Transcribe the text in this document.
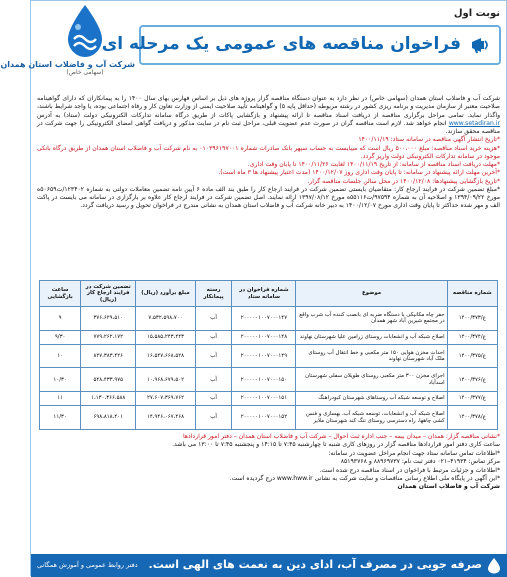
نوبت اول
فراخوان مناقصه های عمومی یک مرحله ای
شرکت آب و فاضلاب استان همدان
(سهامی خاص)

شرکت آب و فاضلاب استان همدان (سهامی خاص) در نظر دارد به عنوان دستگاه مناقصه گزار پروژه های ذیل بر اساس فهارس بهای سال ۱۴۰۰ را به پیمانکاران که دارای گواهینامه صلاحیت معتبر از سازمان مدیریت و برنامه ریزی کشور در رشته مربوطه (حداقل پایه ۵) و گواهینامه تأیید صلاحیت ایمنی از وزارت تعاون کار و رفاه اجتماعی بوده، یا واجد شرایط باشند، واگذار نماید. تمامی مراحل برگزاری مناقصه از دریافت اسناد مناقصه تا ارائه پیشنهاد و بازگشایی پاکات از طریق درگاه سامانه تدارکات الکترونیکی دولت (ستاد) به آدرس www.setadiran.ir انجام خواهد شد. لازم است مناقصه گران در صورت عدم عضویت قبلی، مراحل ثبت نام در سایت مذکور و دریافت گواهی امضای الکترونیکی را جهت شرکت در مناقصه محقق سازند.

*تاریخ انتشار آگهی مناقصه در سامانه ستاد: ۱۴۰۰/۱۱/۱۹

*هزینه خرید اسناد مناقصه: مبلغ ۵۰۰،۰۰۰ ریال است که میبایست به حساب سپهر بانک صادرات شماره ۰۱۰۳۹۶۱۹۷۰۰۱ به نام شرکت آب و فاضلاب استان همدان از طریق درگاه بانکی موجود در سامانه تدارکات الکترونیکی دولت واریز گردد.

*مهلت دریافت اسناد مناقصه از سامانه: از تاریخ ۱۴۰۰/۱۱/۱۹ لغایت ۱۴۰۰/۱۱/۲۶ تا پایان وقت اداری.

*آخرین مهلت ارائه پیشنهاد در سامانه: تا پایان وقت اداری روز ۱۴۰۰/۱۲/۰۷ (مدت اعتبار پیشنهاد ها ۳ ماه است).

*تاریخ بازگشایی پیشنهادها: ۱۴۰۰/۱۲/۰۸ در محل سالن جلسات مناقصه گزار.

*مبلغ تضمین شرکت در فرایند ارجاع کار: متقاضیان بایستی تضمین شرکت در فرایند ارجاع کار را طبق بند الف ماده ۶ آیین نامه تضمین معاملات دولتی به شماره ۱۲۳۴۰۲/ت۵۰۶۵۹ه مورخ ۱۳۹۴/۰۹/۲۲ و اصلاحیه آن به شماره ۹۷۵۹۴/ت۵۵۱۱۶ه مورخ ۱۳۹۷/۰۸/۱۲ ارائه نمایند. اصل تضمین شرکت در فرایند ارجاع کار علاوه بر بارگزاری در سامانه می بایست در پاکت الف و مهر شده حداکثر تا پایان وقت اداری مورخ ۱۴۰۰/۱۲/۰۷ به دبیر خانه شرکت آب و فاضلاب استان همدان به نشانی مندرج در فراخوان تحویل و رسید دریافت گردد.

شماره مناقصه	موضوع	شماره فراخوان در سامانه ستاد	رسته پیمانکار	مبلغ برآورد (ریال)	تضمین شرکت در فرایند ارجاع کار (ریال)	ساعت بازگشایی
ع/۱۴۰۰/۳۷۳	حفر چاه مکانیکی با دستگاه ضربه ای بانصب کننده آب شرب واقع در مجتمع شیرین آباد شهر همدان	۲۰۰۰۰۰۱۰۰۷۰۰۰۱۴۷	آب	۷،۵۳۲،۵۹۸،۷۰۰	۳۷۶،۶۲۹،۵۱۰	۹
ع/۱۴۰۰/۳۷۴	اصلاح شبکه آب و انشعابات روستای زرامین علیا شهرستان نهاوند	۲۰۰۰۰۰۱۰۰۷۰۰۰۱۴۸	آب	۱۵،۵۸۵،۲۴۳،۴۴۳	۷۷۹،۲۶۲،۱۷۲	۹/۳۰
ع/۱۴۰۰/۳۷۵	احداث مخزن هوایی ۱۵۰ متر مکعبی و خط انتقال آب روستای ملک آباد شهرستان نهاوند	۲۰۰۰۰۰۱۰۰۷۰۰۰۱۴۹	آب	۱۶،۵۴۷،۶۶۸،۵۲۸	۸۲۷،۳۸۳،۴۲۶	۱۰
ع/۱۴۰۰/۳۷۶	اجرای مخزن ۳۰۰ متر مکعبی روستای طویلان سفلی شهرستان اسدآباد	۲۰۰۰۰۰۱۰۰۷۰۰۰۱۵۰	آب	۱۰،۹۶۸،۶۷۹،۵۰۲	۵۴۸،۴۳۳،۹۷۵	۱۰/۳۰
ع/۱۴۰۰/۳۷۷	اصلاح و توسعه شبکه آب روستاهای شهرستان کبودراهنگ	۲۰۰۰۰۰۱۰۰۷۰۰۰۱۵۱	آب	۲۷،۶۰۷،۳۶۹،۷۶۲	۱،۱۳۰،۳۶۶،۵۸۸	۱۱
ع/۱۴۰۰/۳۷۸	اصلاح شبکه آب و انشعابات، توسعه شبکه آب، بهسازی و فنس کشی چاهها، راه دسترسی روستای تنگ کند شهرستان ملایر	۲۰۰۰۰۰۱۰۰۷۰۰۰۱۵۲	آب	۱۴،۹۴۶،۰۶۷،۴۶۸	۶۹۸،۸۱۸،۴۰۱	۱۱/۳۰

*نشانی مناقصه گزار: همدان – میدان بیمه – جنب اداره ثبت احوال – شرکت آب و فاضلاب استان همدان – دفتر امور قراردادها

ساعت کاری دفتر امور قراردادها مناقصه گزار در روزهای کاری شنبه تا چهارشنبه ۷:۴۵ تا ۱۴:۱۵ و پنجشنبه ۷:۴۵ تا ۱۳:۰۰ می باشد.

*اطلاعات تماس سامانه ستاد جهت انجام مراحل عضویت در سامانه:

مرکز تماس: ۴۱۹۳۴–۰۲۱ دفتر ثبت نام: ۸۸۹۶۹۷۳۷ و ۸۵۱۹۳۷۶۸

*اطلاعات و جزئیات مرتبط با فراخوان در اسناد مناقصه درج شده است.

*این آگهی در پایگاه ملی اطلاع رسانی مناقصات و سایت شرکت به نشانی www.hww.ir درج گردیده است.

شرکت آب و فاضلاب استان همدان

صرفه جویی در مصرف آب، ادای دین به نعمت های الهی است.
دفتر روابط عمومی و آموزش همگانی
